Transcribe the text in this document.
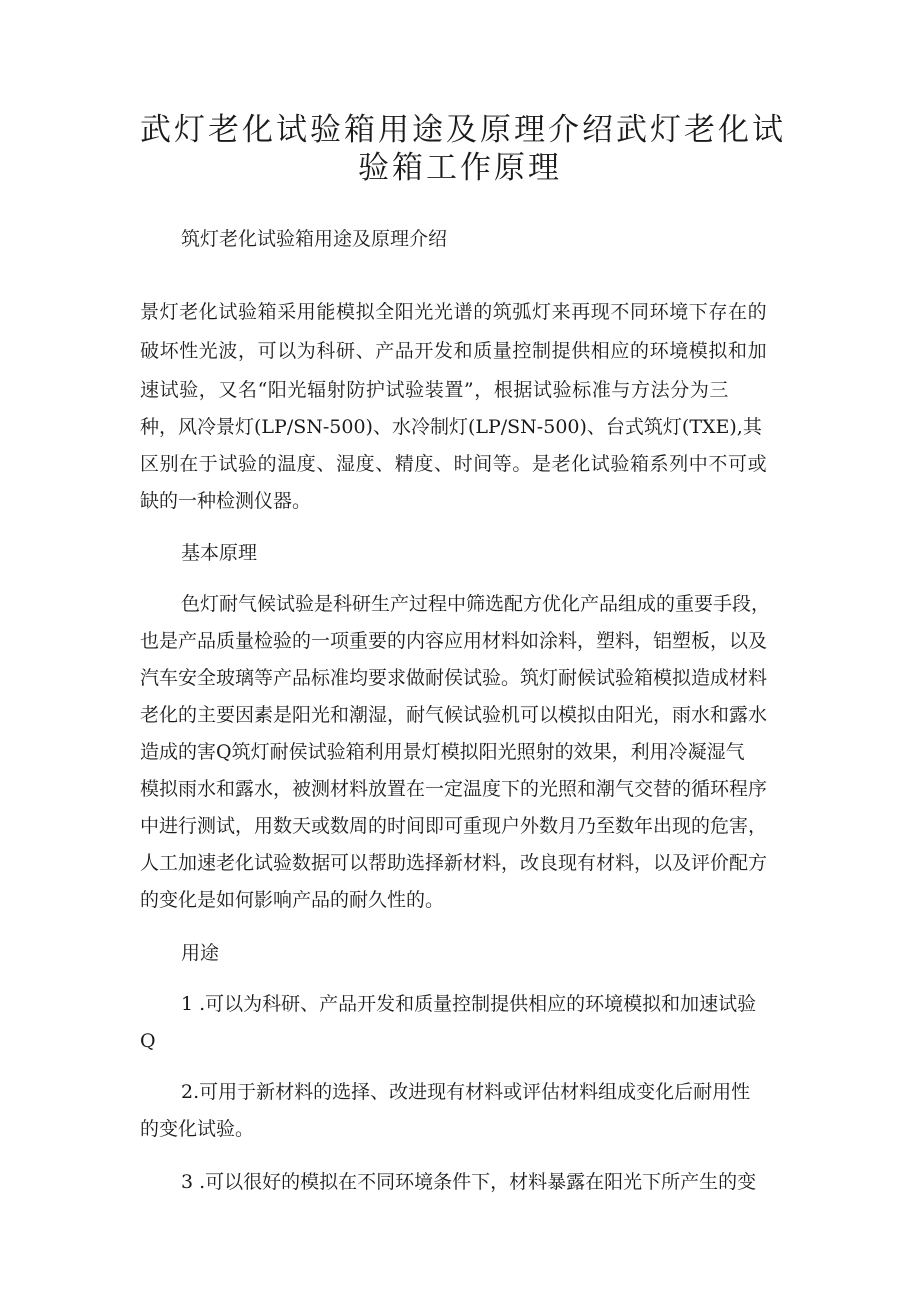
武灯老化试验箱用途及原理介绍武灯老化试
验箱工作原理
筑灯老化试验箱用途及原理介绍
景灯老化试验箱采用能模拟全阳光光谱的筑弧灯来再现不同环境下存在的
破坏性光波，可以为科研、产品开发和质量控制提供相应的环境模拟和加
速试验，又名“阳光辐射防护试验装置”，根据试验标准与方法分为三
种，风冷景灯(LP/SN-500)、水冷制灯(LP/SN-500)、台式筑灯(TXE),其
区别在于试验的温度、湿度、精度、时间等。是老化试验箱系列中不可或
缺的一种检测仪器。
基本原理
色灯耐气候试验是科研生产过程中筛选配方优化产品组成的重要手段，
也是产品质量检验的一项重要的内容应用材料如涂料，塑料，铝塑板，以及
汽车安全玻璃等产品标准均要求做耐侯试验。筑灯耐候试验箱模拟造成材料
老化的主要因素是阳光和潮湿，耐气候试验机可以模拟由阳光，雨水和露水
造成的害Q筑灯耐侯试验箱利用景灯模拟阳光照射的效果，利用冷凝湿气
模拟雨水和露水，被测材料放置在一定温度下的光照和潮气交替的循环程序
中进行测试，用数天或数周的时间即可重现户外数月乃至数年出现的危害，
人工加速老化试验数据可以帮助选择新材料，改良现有材料，以及评价配方
的变化是如何影响产品的耐久性的。
用途
1 .可以为科研、产品开发和质量控制提供相应的环境模拟和加速试验
Q
2.可用于新材料的选择、改进现有材料或评估材料组成变化后耐用性
的变化试验。
3 .可以很好的模拟在不同环境条件下，材料暴露在阳光下所产生的变
